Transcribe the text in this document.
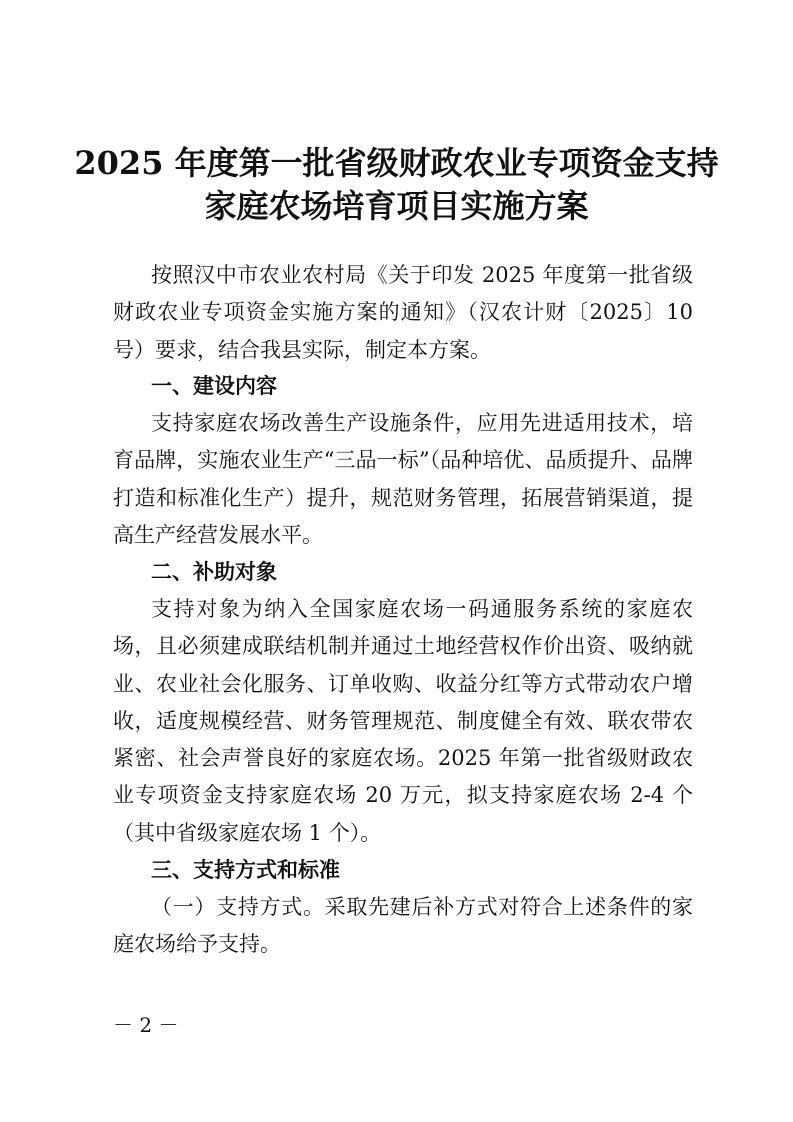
2025 年度第一批省级财政农业专项资金支持
家庭农场培育项目实施方案

按照汉中市农业农村局《关于印发 2025 年度第一批省级财政农业专项资金实施方案的通知》（汉农计财〔2025〕10 号）要求，结合我县实际，制定本方案。

一、建设内容

支持家庭农场改善生产设施条件，应用先进适用技术，培育品牌，实施农业生产“三品一标”（品种培优、品质提升、品牌打造和标准化生产）提升，规范财务管理，拓展营销渠道，提高生产经营发展水平。

二、补助对象

支持对象为纳入全国家庭农场一码通服务系统的家庭农场，且必须建成联结机制并通过土地经营权作价出资、吸纳就业、农业社会化服务、订单收购、收益分红等方式带动农户增收，适度规模经营、财务管理规范、制度健全有效、联农带农紧密、社会声誉良好的家庭农场。2025 年第一批省级财政农业专项资金支持家庭农场 20 万元，拟支持家庭农场 2-4 个（其中省级家庭农场 1 个）。

三、支持方式和标准

（一）支持方式。采取先建后补方式对符合上述条件的家庭农场给予支持。

－ 2 －
